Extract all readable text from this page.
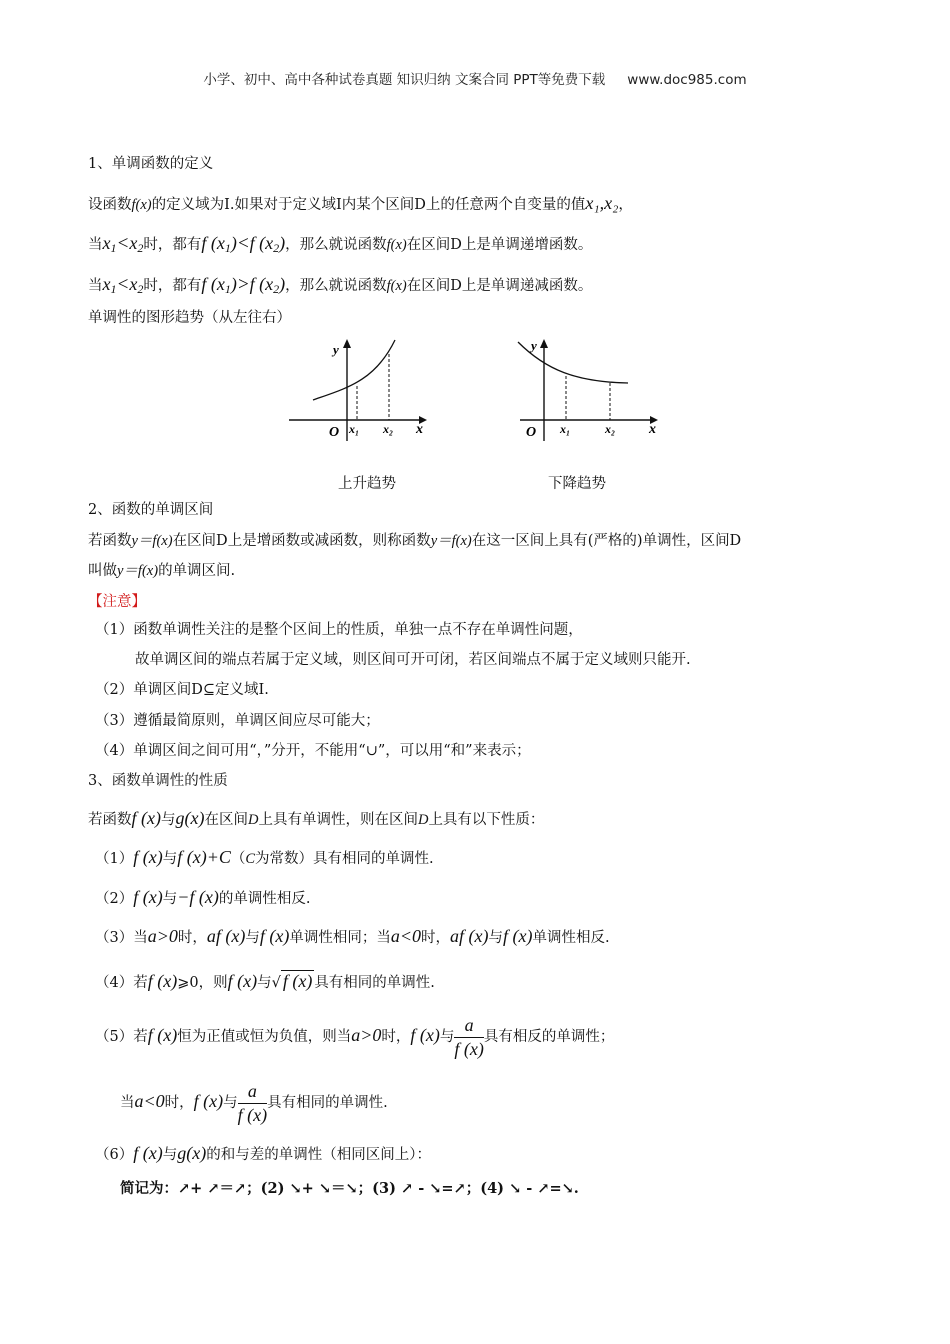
小学、初中、高中各种试卷真题 知识归纳 文案合同 PPT等免费下载 www.doc985.com
1、单调函数的定义
设函数f(x)的定义域为I.如果对于定义域I内某个区间D上的任意两个自变量的值x₁,x₂，
当$x_1<x_2$时，都有f $(x_1)<f$ $(x_2)$，那么就说函数f(x)在区间D上是单调递增函数。
当$x_1<x_2$时，都有f $(x_1)>f$ $(x_2)$，那么就说函数f(x)在区间D上是单调递减函数。
单调性的图形趋势（从左往右）
y
x
O x₁ x₂
上升趋势
y
x
O x₁	x₂
下降趋势
2、函数的单调区间
若函数y＝f(x)在区间D上是增函数或减函数，则称函数y＝f(x)在这一区间上具有(严格的)单调性，区间D
叫做y＝f(x)的单调区间.
【注意】
（1）函数单调性关注的是整个区间上的性质，单独一点不存在单调性问题，
故单调区间的端点若属于定义域，则区间可开可闭，若区间端点不属于定义域则只能开.
（2）单调区间D⊆定义域I.
（3）遵循最简原则，单调区间应尽可能大；
（4）单调区间之间可用“，”分开，不能用“∪”，可以用“和”来表示；
3、函数单调性的性质
若函数f (x)与g(x)在区间D上具有单调性，则在区间D上具有以下性质：
（1）f (x)与f (x)+C（C为常数）具有相同的单调性.
（2）f (x)与−f (x)的单调性相反.
（3）当a>0时，af (x)与f (x)单调性相同；当a<0时，af (x)与f (x)单调性相反.
（4）若f (x)⩾0，则f (x)与√ f (x) 具有相同的单调性.
（5）若f (x)恒为正值或恒为负值，则当a>0时，f (x)与 $\frac{a}{f (x)}$ 具有相反的单调性；
当a<0时，f (x)与 $\frac{a}{f (x)}$ 具有相同的单调性.
（6）f (x)与g(x)的和与差的单调性（相同区间上）：
简记为：↗+ ↗＝↗；(2) ↘+ ↘＝↘；(3) ↗ - ↘=↗；(4) ↘ - ↗=↘.
